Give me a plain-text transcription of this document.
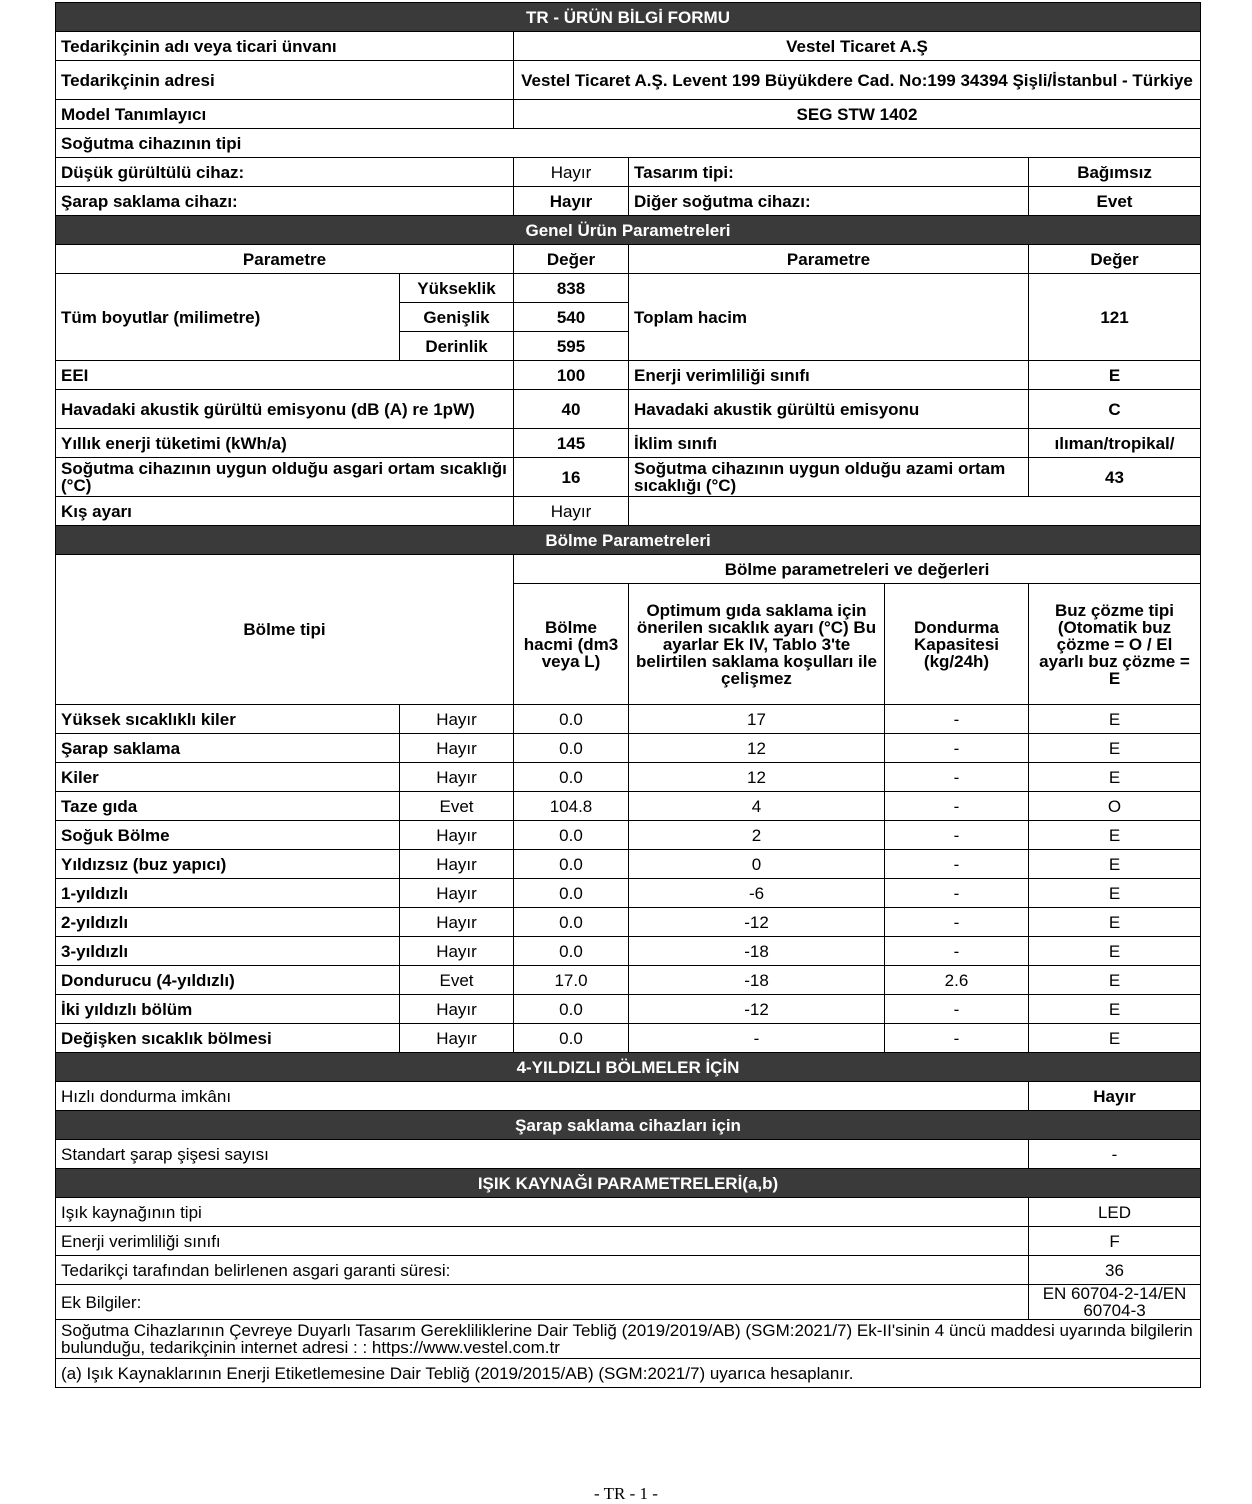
TR - ÜRÜN BİLGİ FORMU					
Tedarikçinin adı veya ticari ünvanı		Vestel Ticaret A.Ş			
Tedarikçinin adresi		Vestel Ticaret A.Ş. Levent 199 Büyükdere Cad. No:199 34394 Şişli/İstanbul - Türkiye			
Model Tanımlayıcı		SEG STW 1402			
Soğutma cihazının tipi					
Düşük gürültülü cihaz:		Hayır	Tasarım tipi:		Bağımsız
Şarap saklama cihazı:		Hayır	Diğer soğutma cihazı:		Evet
Genel Ürün Parametreleri					
Parametre		Değer	Parametre		Değer
Tüm boyutlar (milimetre)	Yükseklik	838	Toplam hacim		121
	Genişlik	540			
	Derinlik	595			
EEI		100	Enerji verimliliği sınıfı		E
Havadaki akustik gürültü emisyonu (dB (A) re 1pW)		40	Havadaki akustik gürültü emisyonu		C
Yıllık enerji tüketimi (kWh/a)		145	İklim sınıfı		ılıman/tropikal/
Soğutma cihazının uygun olduğu asgari ortam sıcaklığı (°C)		16	Soğutma cihazının uygun olduğu azami ortam sıcaklığı (°C)		43
Kış ayarı		Hayır			
Bölme Parametreleri					
Bölme tipi		Bölme parametreleri ve değerleri			
		Bölme hacmi (dm3 veya L)	Optimum gıda saklama için önerilen sıcaklık ayarı (°C) Bu ayarlar Ek IV, Tablo 3'te belirtilen saklama koşulları ile çelişmez	Dondurma Kapasitesi (kg/24h)	Buz çözme tipi (Otomatik buz çözme = O / El ayarlı buz çözme = E
Yüksek sıcaklıklı kiler	Hayır	0.0	17	-	E
Şarap saklama	Hayır	0.0	12	-	E
Kiler	Hayır	0.0	12	-	E
Taze gıda	Evet	104.8	4	-	O
Soğuk Bölme	Hayır	0.0	2	-	E
Yıldızsız (buz yapıcı)	Hayır	0.0	0	-	E
1-yıldızlı	Hayır	0.0	-6	-	E
2-yıldızlı	Hayır	0.0	-12	-	E
3-yıldızlı	Hayır	0.0	-18	-	E
Dondurucu (4-yıldızlı)	Evet	17.0	-18	2.6	E
İki yıldızlı bölüm	Hayır	0.0	-12	-	E
Değişken sıcaklık bölmesi	Hayır	0.0	-	-	E
4-YILDIZLI BÖLMELER İÇİN					
Hızlı dondurma imkânı					Hayır
Şarap saklama cihazları için					
Standart şarap şişesi sayısı					-
IŞIK KAYNAĞI PARAMETRELERİ(a,b)					
Işık kaynağının tipi					LED
Enerji verimliliği sınıfı					F
Tedarikçi tarafından belirlenen asgari garanti süresi:					36
Ek Bilgiler:					EN 60704-2-14/EN 60704-3
Soğutma Cihazlarının Çevreye Duyarlı Tasarım Gerekliliklerine Dair Tebliğ (2019/2019/AB) (SGM:2021/7) Ek-II'sinin 4 üncü maddesi uyarında bilgilerin bulunduğu, tedarikçinin internet adresi : : https://www.vestel.com.tr					
(a) Işık Kaynaklarının Enerji Etiketlemesine Dair Tebliğ (2019/2015/AB) (SGM:2021/7) uyarıca hesaplanır.					
- TR - 1 -
